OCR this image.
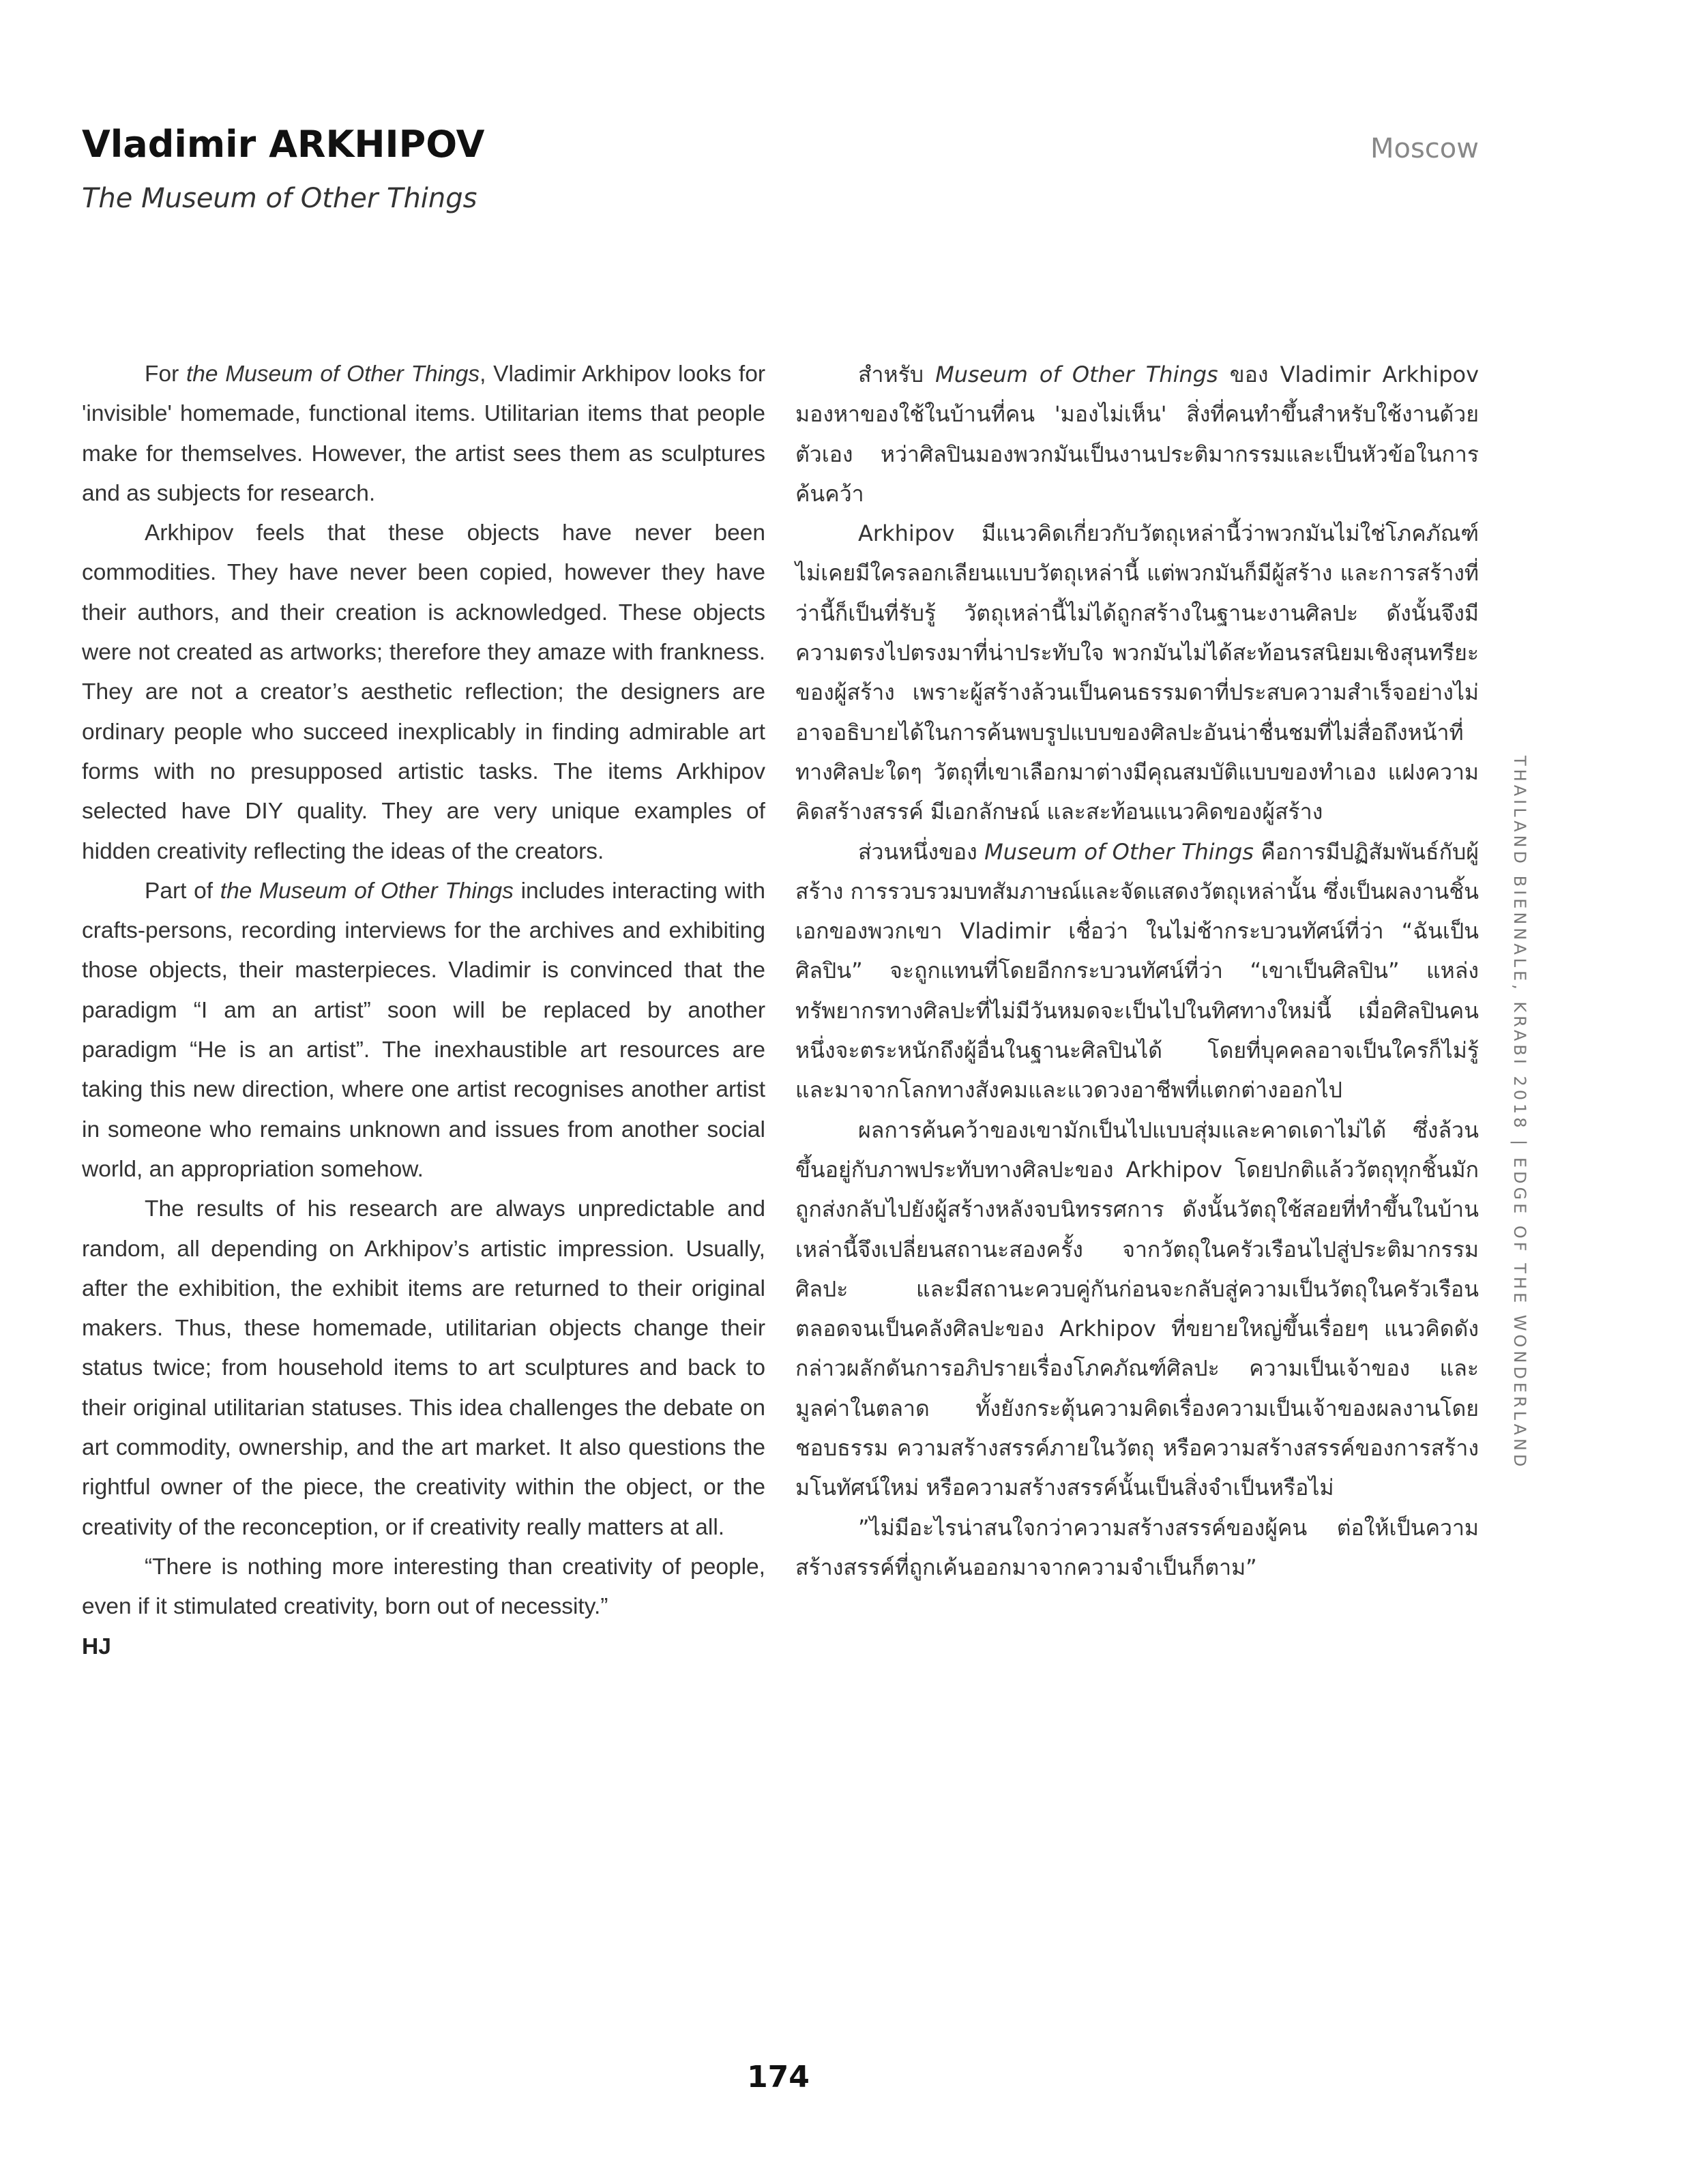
Vladimir ARKHIPOV
The Museum of Other Things
Moscow

For the Museum of Other Things, Vladimir Arkhipov looks for 'invisible' homemade, functional items. Utilitarian items that people make for themselves. However, the artist sees them as sculptures and as subjects for research.

Arkhipov feels that these objects have never been commodities. They have never been copied, however they have their authors, and their creation is acknowledged. These objects were not created as artworks; therefore they amaze with frankness. They are not a creator’s aesthetic reflection; the designers are ordinary people who succeed inexplicably in finding admirable art forms with no presupposed artistic tasks. The items Arkhipov selected have DIY quality. They are very unique examples of hidden creativity reflecting the ideas of the creators.

Part of the Museum of Other Things includes interacting with crafts-persons, recording interviews for the archives and exhibiting those objects, their masterpieces. Vladimir is convinced that the paradigm “I am an artist” soon will be replaced by another paradigm “He is an artist”. The inexhaustible art resources are taking this new direction, where one artist recognises another artist in someone who remains unknown and issues from another social world, an appropriation somehow.

The results of his research are always unpredictable and random, all depending on Arkhipov’s artistic impression. Usually, after the exhibition, the exhibit items are returned to their original makers. Thus, these homemade, utilitarian objects change their status twice; from household items to art sculptures and back to their original utilitarian statuses. This idea challenges the debate on art commodity, ownership, and the art market. It also questions the rightful owner of the piece, the creativity within the object, or the creativity of the reconception, or if creativity really matters at all.

“There is nothing more interesting than creativity of people, even if it stimulated creativity, born out of necessity.”

HJ

สำหรับ Museum of Other Things ของ Vladimir Arkhipov มองหาของใช้ในบ้านที่คน 'มองไม่เห็น' สิ่งที่คนทำขึ้นสำหรับใช้งานด้วยตัวเอง หว่าศิลปินมองพวกมันเป็นงานประติมากรรมและเป็นหัวข้อในการค้นคว้า

Arkhipov มีแนวคิดเกี่ยวกับวัตถุเหล่านี้ว่าพวกมันไม่ใช่โภคภัณฑ์ ไม่เคยมีใครลอกเลียนแบบวัตถุเหล่านี้ แต่พวกมันก็มีผู้สร้าง และการสร้างที่ว่านี้ก็เป็นที่รับรู้ วัตถุเหล่านี้ไม่ได้ถูกสร้างในฐานะงานศิลปะ ดังนั้นจึงมีความตรงไปตรงมาที่น่าประทับใจ พวกมันไม่ได้สะท้อนรสนิยมเชิงสุนทรียะของผู้สร้าง เพราะผู้สร้างล้วนเป็นคนธรรมดาที่ประสบความสำเร็จอย่างไม่อาจอธิบายได้ในการค้นพบรูปแบบของศิลปะอันน่าชื่นชมที่ไม่สื่อถึงหน้าที่ทางศิลปะใดๆ วัตถุที่เขาเลือกมาต่างมีคุณสมบัติแบบของทำเอง แฝงความคิดสร้างสรรค์ มีเอกลักษณ์ และสะท้อนแนวคิดของผู้สร้าง

ส่วนหนึ่งของ Museum of Other Things คือการมีปฏิสัมพันธ์กับผู้สร้าง การรวบรวมบทสัมภาษณ์และจัดแสดงวัตถุเหล่านั้น ซึ่งเป็นผลงานชิ้นเอกของพวกเขา Vladimir เชื่อว่า ในไม่ช้ากระบวนทัศน์ที่ว่า “ฉันเป็นศิลปิน” จะถูกแทนที่โดยอีกกระบวนทัศน์ที่ว่า “เขาเป็นศิลปิน” แหล่งทรัพยากรทางศิลปะที่ไม่มีวันหมดจะเป็นไปในทิศทางใหม่นี้ เมื่อศิลปินคนหนึ่งจะตระหนักถึงผู้อื่นในฐานะศิลปินได้ โดยที่บุคคลอาจเป็นใครก็ไม่รู้ และมาจากโลกทางสังคมและแวดวงอาชีพที่แตกต่างออกไป

ผลการค้นคว้าของเขามักเป็นไปแบบสุ่มและคาดเดาไม่ได้ ซึ่งล้วนขึ้นอยู่กับภาพประทับทางศิลปะของ Arkhipov โดยปกติแล้ววัตถุทุกชิ้นมักถูกส่งกลับไปยังผู้สร้างหลังจบนิทรรศการ ดังนั้นวัตถุใช้สอยที่ทำขึ้นในบ้านเหล่านี้จึงเปลี่ยนสถานะสองครั้ง จากวัตถุในครัวเรือนไปสู่ประติมากรรมศิลปะ และมีสถานะควบคู่กันก่อนจะกลับสู่ความเป็นวัตถุในครัวเรือน ตลอดจนเป็นคลังศิลปะของ Arkhipov ที่ขยายใหญ่ขึ้นเรื่อยๆ แนวคิดดังกล่าวผลักดันการอภิปรายเรื่องโภคภัณฑ์ศิลปะ ความเป็นเจ้าของ และมูลค่าในตลาด ทั้งยังกระตุ้นความคิดเรื่องความเป็นเจ้าของผลงานโดยชอบธรรม ความสร้างสรรค์ภายในวัตถุ หรือความสร้างสรรค์ของการสร้างมโนทัศน์ใหม่ หรือความสร้างสรรค์นั้นเป็นสิ่งจำเป็นหรือไม่

”ไม่มีอะไรน่าสนใจกว่าความสร้างสรรค์ของผู้คน ต่อให้เป็นความสร้างสรรค์ที่ถูกเค้นออกมาจากความจำเป็นก็ตาม”

THAILAND BIENNALE, KRABI 2018 | EDGE OF THE WONDERLAND
174
